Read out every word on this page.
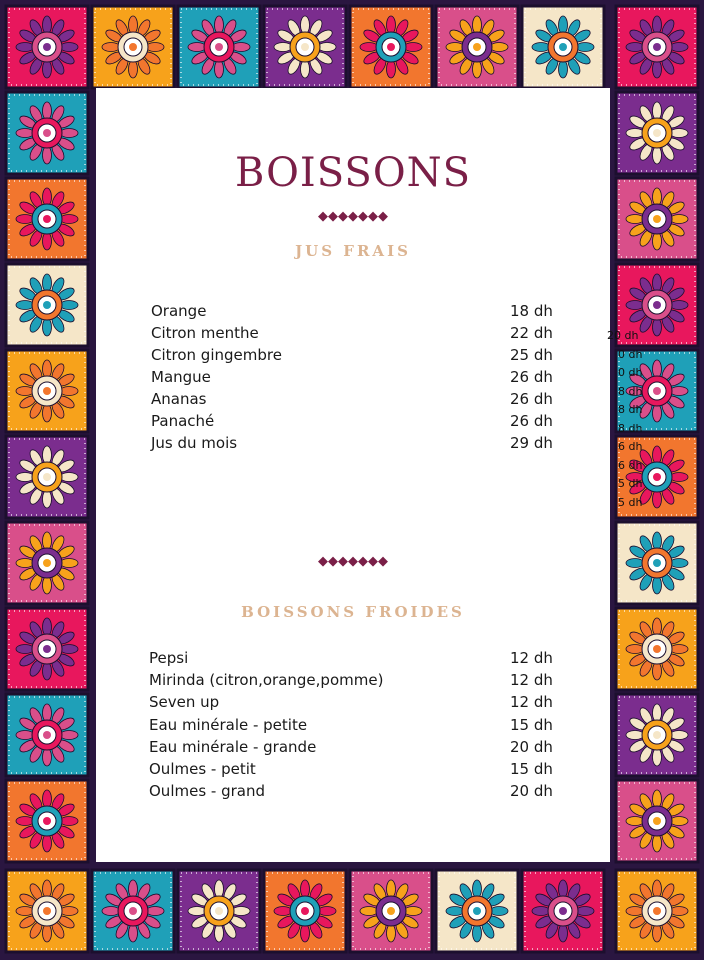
BOISSONS
◆◆◆◆◆◆◆
JUS FRAIS
Orange	18 dh
Citron menthe	22 dh
Citron gingembre	25 dh
Mangue	26 dh
Ananas	26 dh
Panaché	26 dh
Jus du mois	29 dh
◆◆◆◆◆◆◆
BOISSONS FROIDES
Pepsi	12 dh
Mirinda (citron,orange,pomme)	12 dh
Seven up	12 dh
Eau minérale - petite	15 dh
Eau minérale - grande	20 dh
Oulmes - petit	15 dh
Oulmes - grand	20 dh
20 dh
0 dh
0 dh
8 dh
8 dh
8 dh
6 dh
6 dh
5 dh
5 dh
